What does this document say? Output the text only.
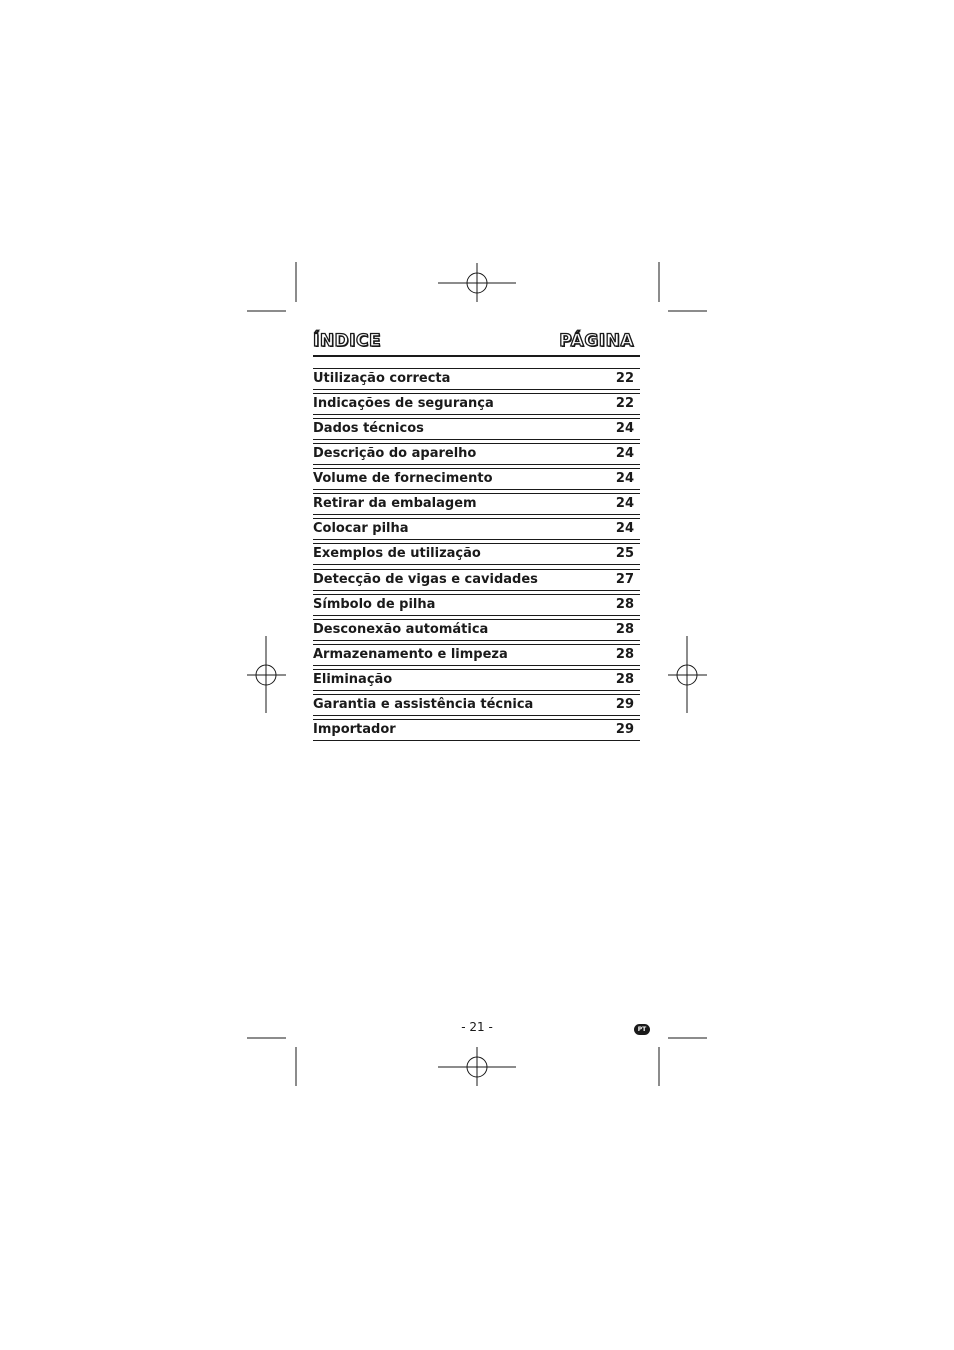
ÍNDICE	PÁGINA
Utilização correcta	22
Indicações de segurança	22
Dados técnicos	24
Descrição do aparelho	24
Volume de fornecimento	24
Retirar da embalagem	24
Colocar pilha	24
Exemplos de utilização	25
Detecção de vigas e cavidades	27
Símbolo de pilha	28
Desconexão automática	28
Armazenamento e limpeza	28
Eliminação	28
Garantia e assistência técnica	29
Importador	29
- 21 -	PT
